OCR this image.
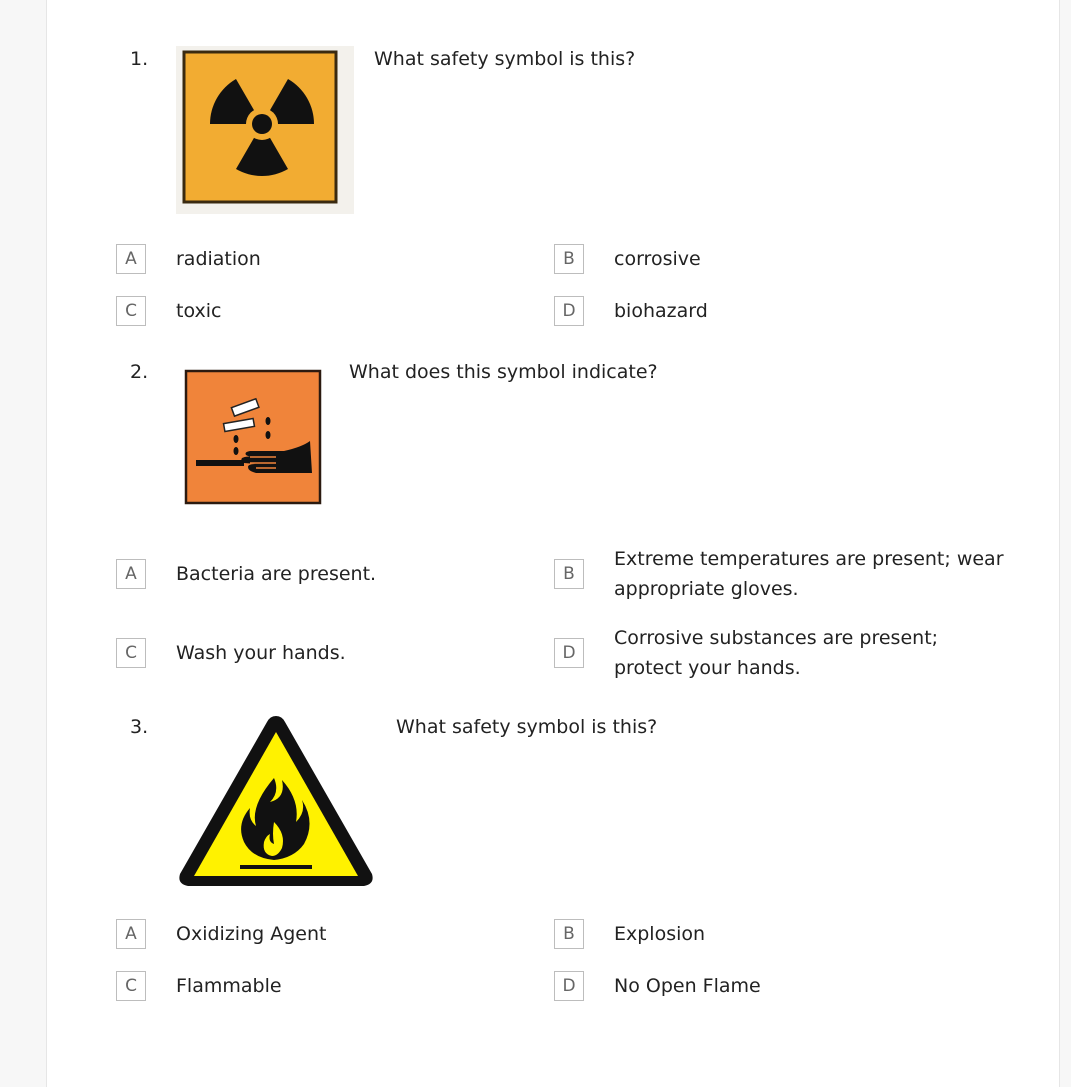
1.	What safety symbol is this?
A	radiation	B	corrosive
C	toxic	D	biohazard
2.	What does this symbol indicate?
A	Bacteria are present.	B
Extreme temperatures are present; wear appropriate gloves.
C	Wash your hands.	D
Corrosive substances are present; protect your hands.
3.	What safety symbol is this?
A	Oxidizing Agent	B	Explosion
C	Flammable	D	No Open Flame
